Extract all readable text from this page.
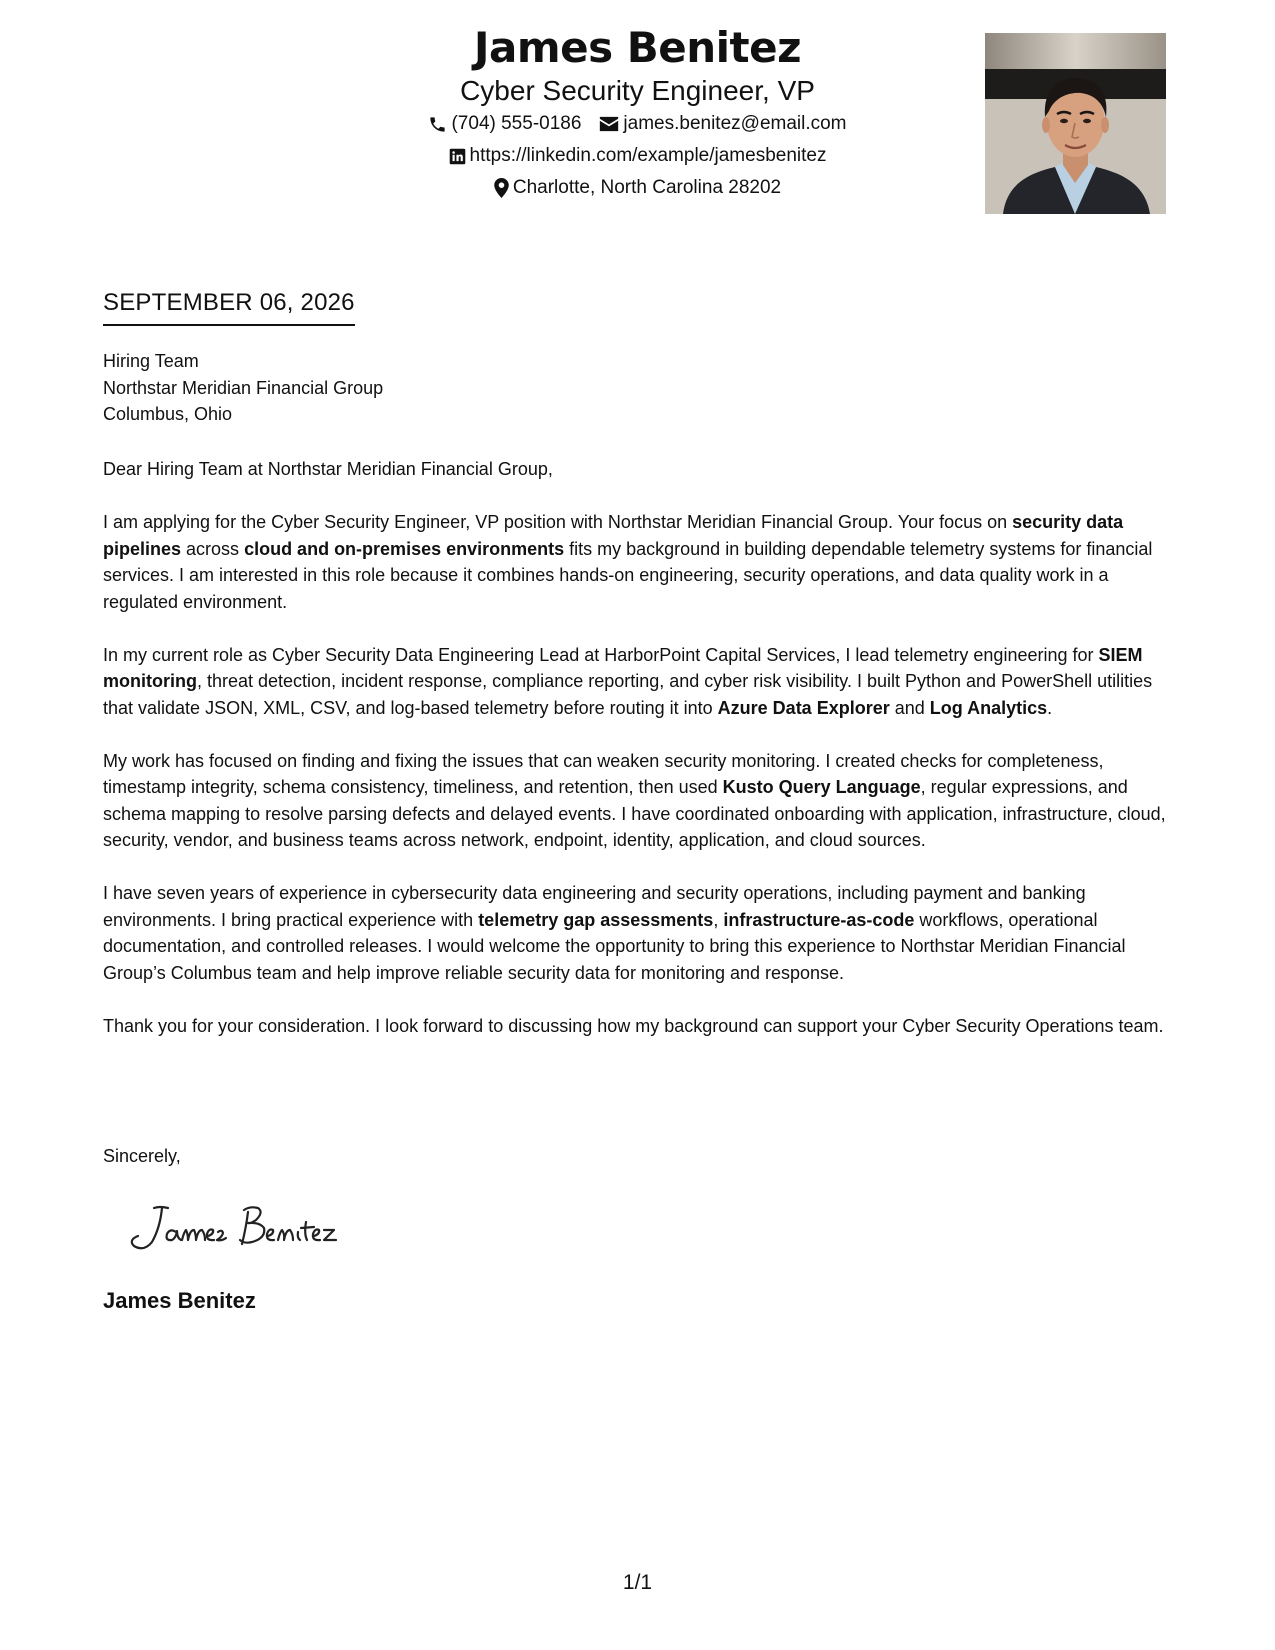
James Benitez
Cyber Security Engineer, VP
(704) 555-0186 james.benitez@email.com
https://linkedin.com/example/jamesbenitez
Charlotte, North Carolina 28202
SEPTEMBER 06, 2026
Hiring Team
Northstar Meridian Financial Group
Columbus, Ohio

Dear Hiring Team at Northstar Meridian Financial Group,

I am applying for the Cyber Security Engineer, VP position with Northstar Meridian Financial Group. Your focus on security data pipelines across cloud and on-premises environments fits my background in building dependable telemetry systems for financial services. I am interested in this role because it combines hands-on engineering, security operations, and data quality work in a regulated environment.

In my current role as Cyber Security Data Engineering Lead at HarborPoint Capital Services, I lead telemetry engineering for SIEM monitoring, threat detection, incident response, compliance reporting, and cyber risk visibility. I built Python and PowerShell utilities that validate JSON, XML, CSV, and log-based telemetry before routing it into Azure Data Explorer and Log Analytics.

My work has focused on finding and fixing the issues that can weaken security monitoring. I created checks for completeness, timestamp integrity, schema consistency, timeliness, and retention, then used Kusto Query Language, regular expressions, and schema mapping to resolve parsing defects and delayed events. I have coordinated onboarding with application, infrastructure, cloud, security, vendor, and business teams across network, endpoint, identity, application, and cloud sources.

I have seven years of experience in cybersecurity data engineering and security operations, including payment and banking environments. I bring practical experience with telemetry gap assessments, infrastructure-as-code workflows, operational documentation, and controlled releases. I would welcome the opportunity to bring this experience to Northstar Meridian Financial Group’s Columbus team and help improve reliable security data for monitoring and response.

Thank you for your consideration. I look forward to discussing how my background can support your Cyber Security Operations team.

Sincerely,
James Benitez
1/1
